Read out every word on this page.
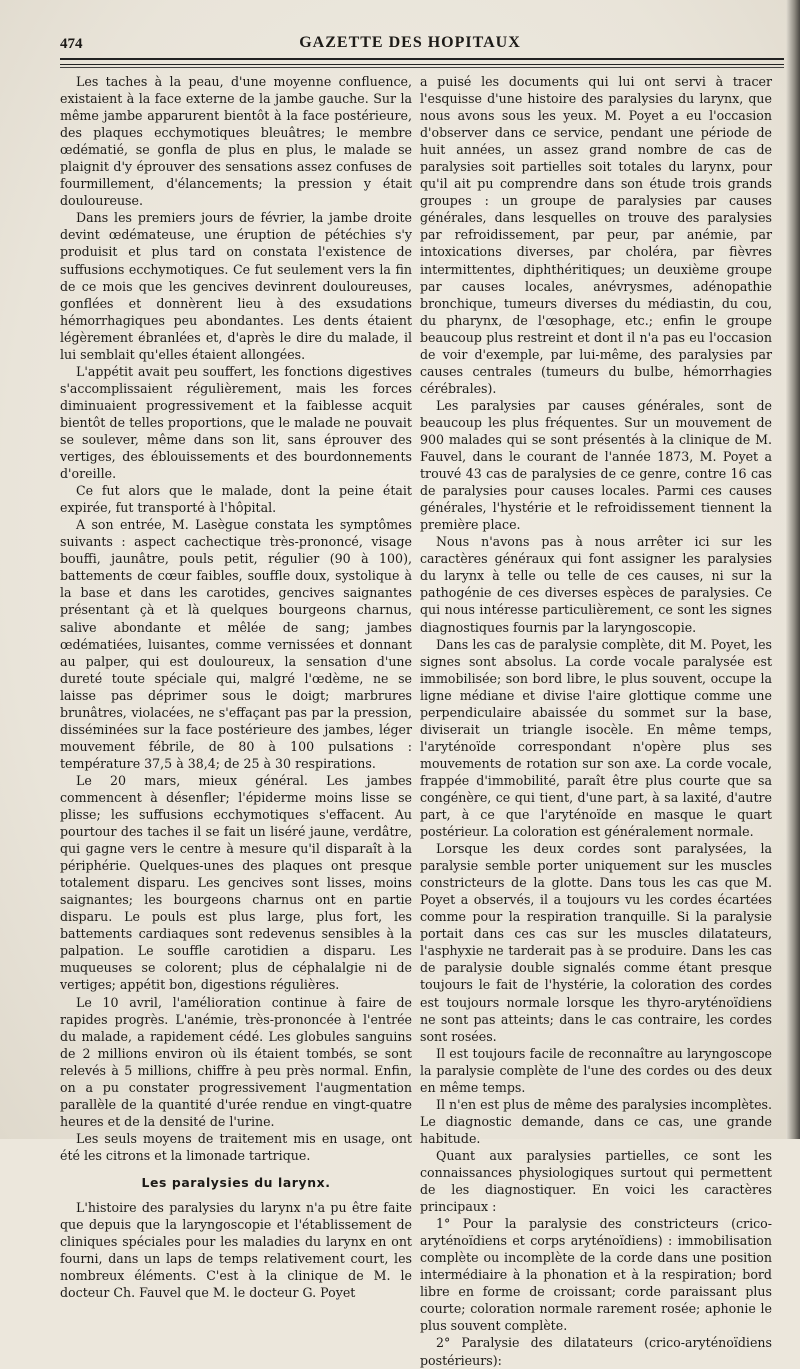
474	GAZETTE DES HOPITAUX

Les taches à la peau, d'une moyenne confluence, existaient à la face externe de la jambe gauche. Sur la même jambe apparurent bientôt à la face postérieure, des plaques ecchymotiques bleuâtres; le membre œdématié, se gonfla de plus en plus, le malade se plaignit d'y éprouver des sensations assez confuses de fourmillement, d'élancements; la pression y était douloureuse.

Dans les premiers jours de février, la jambe droite devint œdémateuse, une éruption de pétéchies s'y produisit et plus tard on constata l'existence de suffusions ecchymotiques. Ce fut seulement vers la fin de ce mois que les gencives devinrent douloureuses, gonflées et donnèrent lieu à des exsudations hémorrhagiques peu abondantes. Les dents étaient légèrement ébranlées et, d'après le dire du malade, il lui semblait qu'elles étaient allongées.

L'appétit avait peu souffert, les fonctions digestives s'accomplissaient régulièrement, mais les forces diminuaient progressivement et la faiblesse acquit bientôt de telles proportions, que le malade ne pouvait se soulever, même dans son lit, sans éprouver des vertiges, des éblouissements et des bourdonnements d'oreille.

Ce fut alors que le malade, dont la peine était expirée, fut transporté à l'hôpital.

A son entrée, M. Lasègue constata les symptômes suivants : aspect cachectique très-prononcé, visage bouffi, jaunâtre, pouls petit, régulier (90 à 100), battements de cœur faibles, souffle doux, systolique à la base et dans les carotides, gencives saignantes présentant çà et là quelques bourgeons charnus, salive abondante et mêlée de sang; jambes œdématiées, luisantes, comme vernissées et donnant au palper, qui est douloureux, la sensation d'une dureté toute spéciale qui, malgré l'œdème, ne se laisse pas déprimer sous le doigt; marbrures brunâtres, violacées, ne s'effaçant pas par la pression, disséminées sur la face postérieure des jambes, léger mouvement fébrile, de 80 à 100 pulsations : température 37,5 à 38,4; de 25 à 30 respirations.

Le 20 mars, mieux général. Les jambes commencent à désenfler; l'épiderme moins lisse se plisse; les suffusions ecchymotiques s'effacent. Au pourtour des taches il se fait un liséré jaune, verdâtre, qui gagne vers le centre à mesure qu'il disparaît à la périphérie. Quelques-unes des plaques ont presque totalement disparu. Les gencives sont lisses, moins saignantes; les bourgeons charnus ont en partie disparu. Le pouls est plus large, plus fort, les battements cardiaques sont redevenus sensibles à la palpation. Le souffle carotidien a disparu. Les muqueuses se colorent; plus de céphalalgie ni de vertiges; appétit bon, digestions régulières.

Le 10 avril, l'amélioration continue à faire de rapides progrès. L'anémie, très-prononcée à l'entrée du malade, a rapidement cédé. Les globules sanguins de 2 millions environ où ils étaient tombés, se sont relevés à 5 millions, chiffre à peu près normal. Enfin, on a pu constater progressivement l'augmentation parallèle de la quantité d'urée rendue en vingt-quatre heures et de la densité de l'urine.

Les seuls moyens de traitement mis en usage, ont été les citrons et la limonade tartrique.

Les paralysies du larynx.

L'histoire des paralysies du larynx n'a pu être faite que depuis que la laryngoscopie et l'établissement de cliniques spéciales pour les maladies du larynx en ont fourni, dans un laps de temps relativement court, les nombreux éléments. C'est à la clinique de M. le docteur Ch. Fauvel que M. le docteur G. Poyet

a puisé les documents qui lui ont servi à tracer l'esquisse d'une histoire des paralysies du larynx, que nous avons sous les yeux. M. Poyet a eu l'occasion d'observer dans ce service, pendant une période de huit années, un assez grand nombre de cas de paralysies soit partielles soit totales du larynx, pour qu'il ait pu comprendre dans son étude trois grands groupes : un groupe de paralysies par causes générales, dans lesquelles on trouve des paralysies par refroidissement, par peur, par anémie, par intoxications diverses, par choléra, par fièvres intermittentes, diphthéritiques; un deuxième groupe par causes locales, anévrysmes, adénopathie bronchique, tumeurs diverses du médiastin, du cou, du pharynx, de l'œsophage, etc.; enfin le groupe beaucoup plus restreint et dont il n'a pas eu l'occasion de voir d'exemple, par lui-même, des paralysies par causes centrales (tumeurs du bulbe, hémorrhagies cérébrales).

Les paralysies par causes générales, sont de beaucoup les plus fréquentes. Sur un mouvement de 900 malades qui se sont présentés à la clinique de M. Fauvel, dans le courant de l'année 1873, M. Poyet a trouvé 43 cas de paralysies de ce genre, contre 16 cas de paralysies pour causes locales. Parmi ces causes générales, l'hystérie et le refroidissement tiennent la première place.

Nous n'avons pas à nous arrêter ici sur les caractères généraux qui font assigner les paralysies du larynx à telle ou telle de ces causes, ni sur la pathogénie de ces diverses espèces de paralysies. Ce qui nous intéresse particulièrement, ce sont les signes diagnostiques fournis par la laryngoscopie.

Dans les cas de paralysie complète, dit M. Poyet, les signes sont absolus. La corde vocale paralysée est immobilisée; son bord libre, le plus souvent, occupe la ligne médiane et divise l'aire glottique comme une perpendiculaire abaissée du sommet sur la base, diviserait un triangle isocèle. En même temps, l'aryténoïde correspondant n'opère plus ses mouvements de rotation sur son axe. La corde vocale, frappée d'immobilité, paraît être plus courte que sa congénère, ce qui tient, d'une part, à sa laxité, d'autre part, à ce que l'aryténoïde en masque le quart postérieur. La coloration est généralement normale.

Lorsque les deux cordes sont paralysées, la paralysie semble porter uniquement sur les muscles constricteurs de la glotte. Dans tous les cas que M. Poyet a observés, il a toujours vu les cordes écartées comme pour la respiration tranquille. Si la paralysie portait dans ces cas sur les muscles dilatateurs, l'asphyxie ne tarderait pas à se produire. Dans les cas de paralysie double signalés comme étant presque toujours le fait de l'hystérie, la coloration des cordes est toujours normale lorsque les thyro-aryténoïdiens ne sont pas atteints; dans le cas contraire, les cordes sont rosées.

Il est toujours facile de reconnaître au laryngoscope la paralysie complète de l'une des cordes ou des deux en même temps.

Il n'en est plus de même des paralysies incomplètes. Le diagnostic demande, dans ce cas, une grande habitude.

Quant aux paralysies partielles, ce sont les connaissances physiologiques surtout qui permettent de les diagnostiquer. En voici les caractères principaux :

1° Pour la paralysie des constricteurs (crico-aryténoïdiens et corps aryténoïdiens) : immobilisation complète ou incomplète de la corde dans une position intermédiaire à la phonation et à la respiration; bord libre en forme de croissant; corde paraissant plus courte; coloration normale rarement rosée; aphonie le plus souvent complète.

2° Paralysie des dilatateurs (crico-aryténoïdiens postérieurs):
